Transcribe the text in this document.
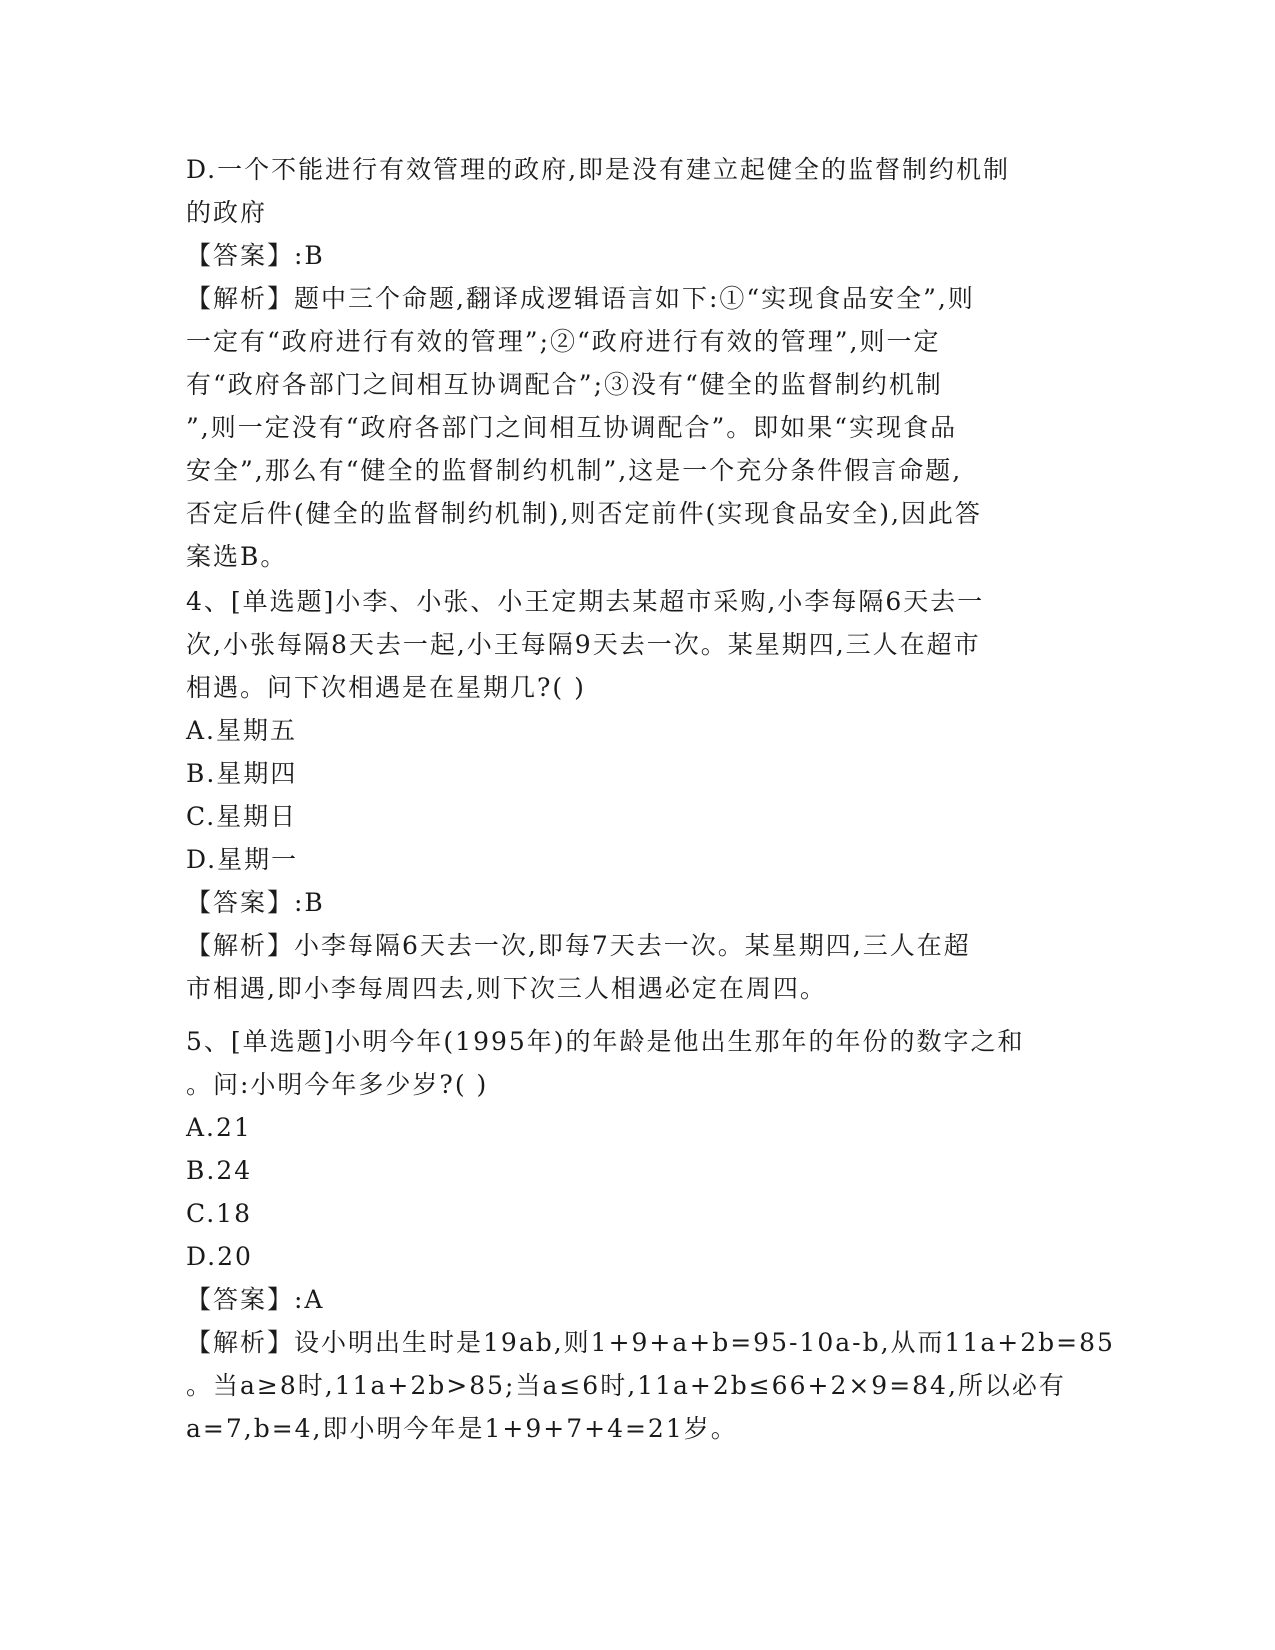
D.一个不能进行有效管理的政府,即是没有建立起健全的监督制约机制
的政府
【答案】:B
【解析】题中三个命题,翻译成逻辑语言如下:①“实现食品安全”,则
一定有“政府进行有效的管理”;②“政府进行有效的管理”,则一定
有“政府各部门之间相互协调配合”;③没有“健全的监督制约机制
”,则一定没有“政府各部门之间相互协调配合”。即如果“实现食品
安全”,那么有“健全的监督制约机制”,这是一个充分条件假言命题,
否定后件(健全的监督制约机制),则否定前件(实现食品安全),因此答
案选B。
4、[单选题]小李、小张、小王定期去某超市采购,小李每隔6天去一
次,小张每隔8天去一起,小王每隔9天去一次。某星期四,三人在超市
相遇。问下次相遇是在星期几?( )
A.星期五
B.星期四
C.星期日
D.星期一
【答案】:B
【解析】小李每隔6天去一次,即每7天去一次。某星期四,三人在超
市相遇,即小李每周四去,则下次三人相遇必定在周四。
5、[单选题]小明今年(1995年)的年龄是他出生那年的年份的数字之和
。问:小明今年多少岁?( )
A.21
B.24
C.18
D.20
【答案】:A
【解析】设小明出生时是19ab,则1+9+a+b=95-10a-b,从而11a+2b=85
。当a≥8时,11a+2b>85;当a≤6时,11a+2b≤66+2×9=84,所以必有
a=7,b=4,即小明今年是1+9+7+4=21岁。
